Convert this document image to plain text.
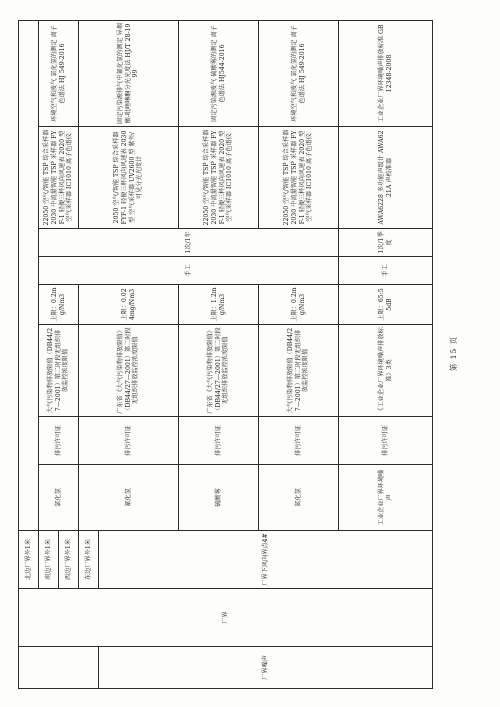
	厂界	北边厂界外1米								
		南边厂界外1米	氯化氢	排污许可证	大气污染物排放限值（DB44/27—2001）第二时段无组织排放监控浓度限值	上限：0.2mg/Nm3	手工	1次/1年	22050 空气/智能 TSP 综合采样器 2030 中流量智能 TSP 采样器 FYF-1 轻便三杯风向风速表 2020 型 空气采样器 IC1010 离子色谱仪	环境空气和废气 氯化氢的测定 离子色谱法 HJ 549-2016
		西边厂界外1米								
		东边厂界外1米	氰化氢	排污许可证	广东省《大气污染物排放限值》（DB44/27—2001）第二时段无组织排放监控浓度限值	上限：0.024mg/Nm3			2050 空气/智能 TSP 综合采样器 FYF-1 轻便三杯风向风速表 2030 型 空气采样器 UV2600 型 紫外/可见分光光度计	固定污染源排气中氰化氢的测定 异烟酸-吡唑啉酮分光光度法 HJ/T 28-1999
厂界噪声		厂界下风向界点4#								
			硫酸雾	排污许可证	广东省《大气污染物排放限值》（DB44/27—2001）第二时段无组织排放监控浓度限值	上限：1.2mg/Nm3			22050 空气/智能 TSP 综合采样器 2030 中流量智能 TSP 采样器 FYF-1 轻便三杯风向风速表 2020 型 空气采样器 IC1010 离子色谱仪	固定污染源废气 硫酸雾的测定 离子色谱法 HJ544-2016
			氮化氢	排污许可证	大气污染物排放限值（DB44/27—2001）第二时段无组织排放监控浓度限值	上限：0.2mg/Nm3			22050 空气/智能 TSP 综合采样器 2030 中流量智能 TSP 采样器 FYF-1 轻便三杯风向风速表 2020 型 空气采样器 IC1010 离子色谱仪	环境空气和废气 氯化氢的测定 离子色谱法 HJ 549-2016
			工业企业厂界环境噪声	排污许可证	《工业企业厂界环境噪声排放标准》3类	上限：65:55dB	手工	1次/1季度	AWA6228 多功能声级计 AWA6221A 声校准器	工业企业厂界环境噪声排放标准 GB 12348-2008
第 15 页
